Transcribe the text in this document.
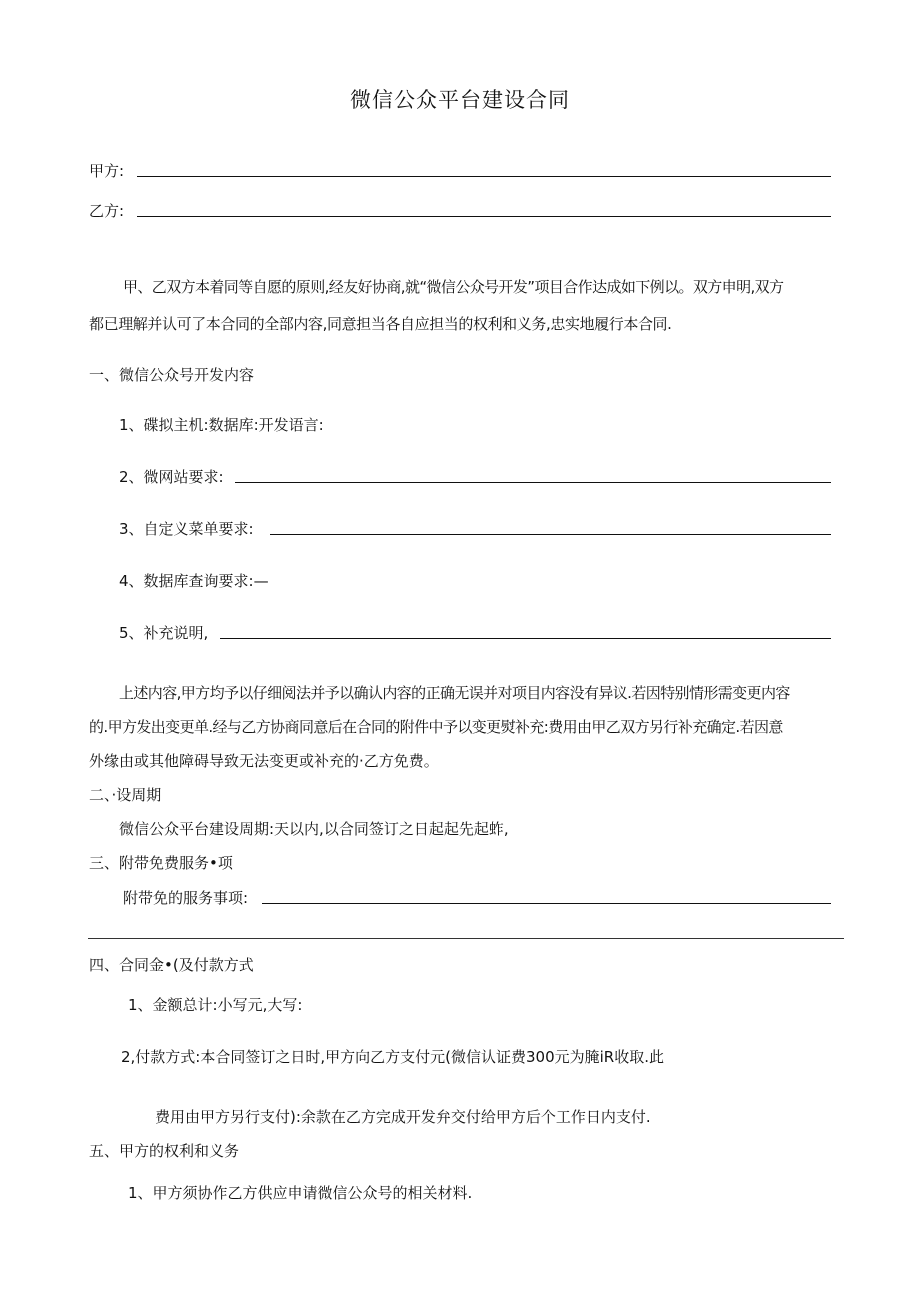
微信公众平台建设合同
甲方:
乙方:
甲、乙双方本着同等自愿的原则,经友好协商,就“微信公众号开发”项目合作达成如下例以。双方申明,双方
都已理解并认可了本合同的全部内容,同意担当各自应担当的权利和义务,忠实地履行本合同.
一、微信公众号开发内容
1、碟拟主机:数据库:开发语言:
2、微网站要求:
3、自定义菜单要求:
4、数据库查询要求:—
5、补充说明,
上述内容,甲方均予以仔细阅法并予以确认内容的正确无误并对项目内容没有异议.若因特别情形需变更内容
的.甲方发出变更单.经与乙方协商同意后在合同的附件中予以变更熨补充:费用由甲乙双方另行补充确定.若因意
外缘由或其他障碍导致无法变更或补充的·乙方免费。
二、·设周期
微信公众平台建设周期:天以内,以合同签订之日起起先起蚱,
三、附带免费服务•项
附带免的服务事项:
四、合同金•(及付款方式
1、金额总计:小写元,大写:
2,付款方式:本合同签订之日时,甲方向乙方支付元(微信认证费300元为腌iR收取.此
费用由甲方另行支付):余款在乙方完成开发弁交付给甲方后个工作日内支付.
五、甲方的权利和义务
1、甲方须协作乙方供应申请微信公众号的相关材料.
